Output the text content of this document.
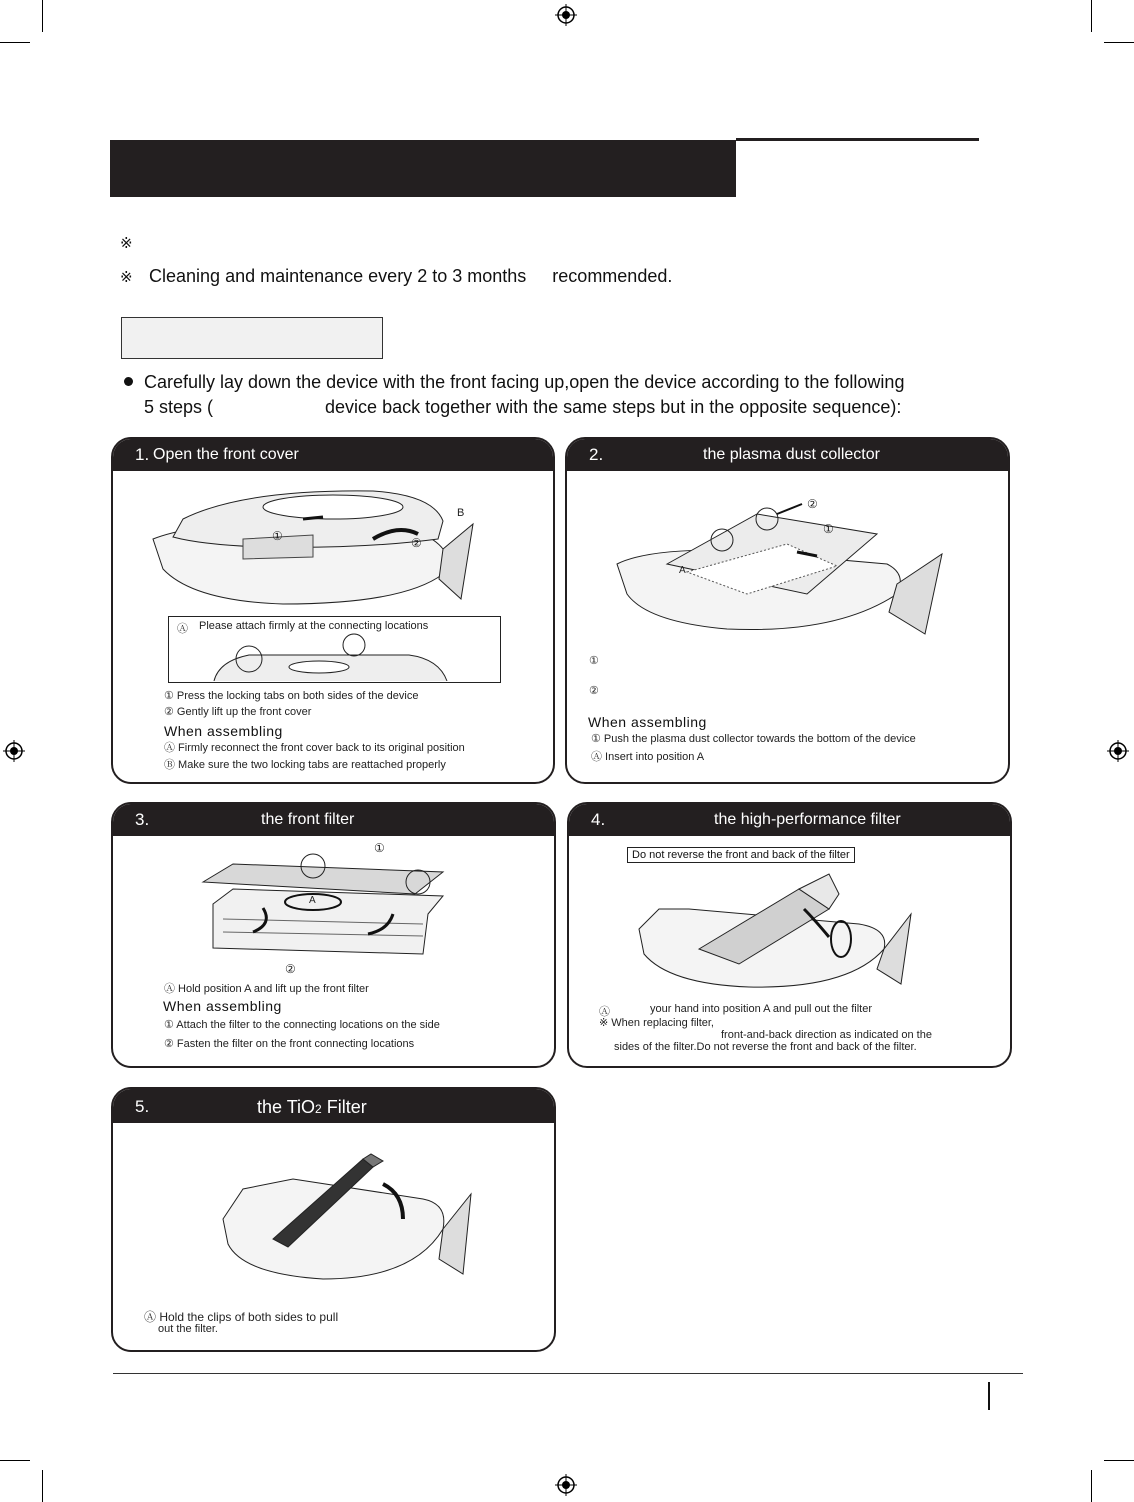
※
※ Cleaning and maintenance every 2 to 3 months recommended.
Carefully lay down the device with the front facing up,open the device according to the following
5 steps (	device back together with the same steps but in the opposite sequence):
1. Open the front cover
①	②
B
Ⓐ Please attach firmly at the connecting locations
① Press the locking tabs on both sides of the device
② Gently lift up the front cover
When assembling
Ⓐ Firmly reconnect the front cover back to its original position
Ⓑ Make sure the two locking tabs are reattached properly
2.	the plasma dust collector
②
①
A
①
②
When assembling
① Push the plasma dust collector towards the bottom of the device
Ⓐ Insert into position A
3.	the front filter
①
②
A
Ⓐ Hold position A and lift up the front filter
When assembling
① Attach the filter to the connecting locations on the side
② Fasten the filter on the front connecting locations
4.	the high-performance filter
Do not reverse the front and back of the filter
Ⓐ	your hand into position A and pull out the filter
※ When replacing filter,
front-and-back direction as indicated on the
sides of the filter.Do not reverse the front and back of the filter.
5.	the TiO2 Filter
Ⓐ Hold the clips of both sides to pull
out the filter.
